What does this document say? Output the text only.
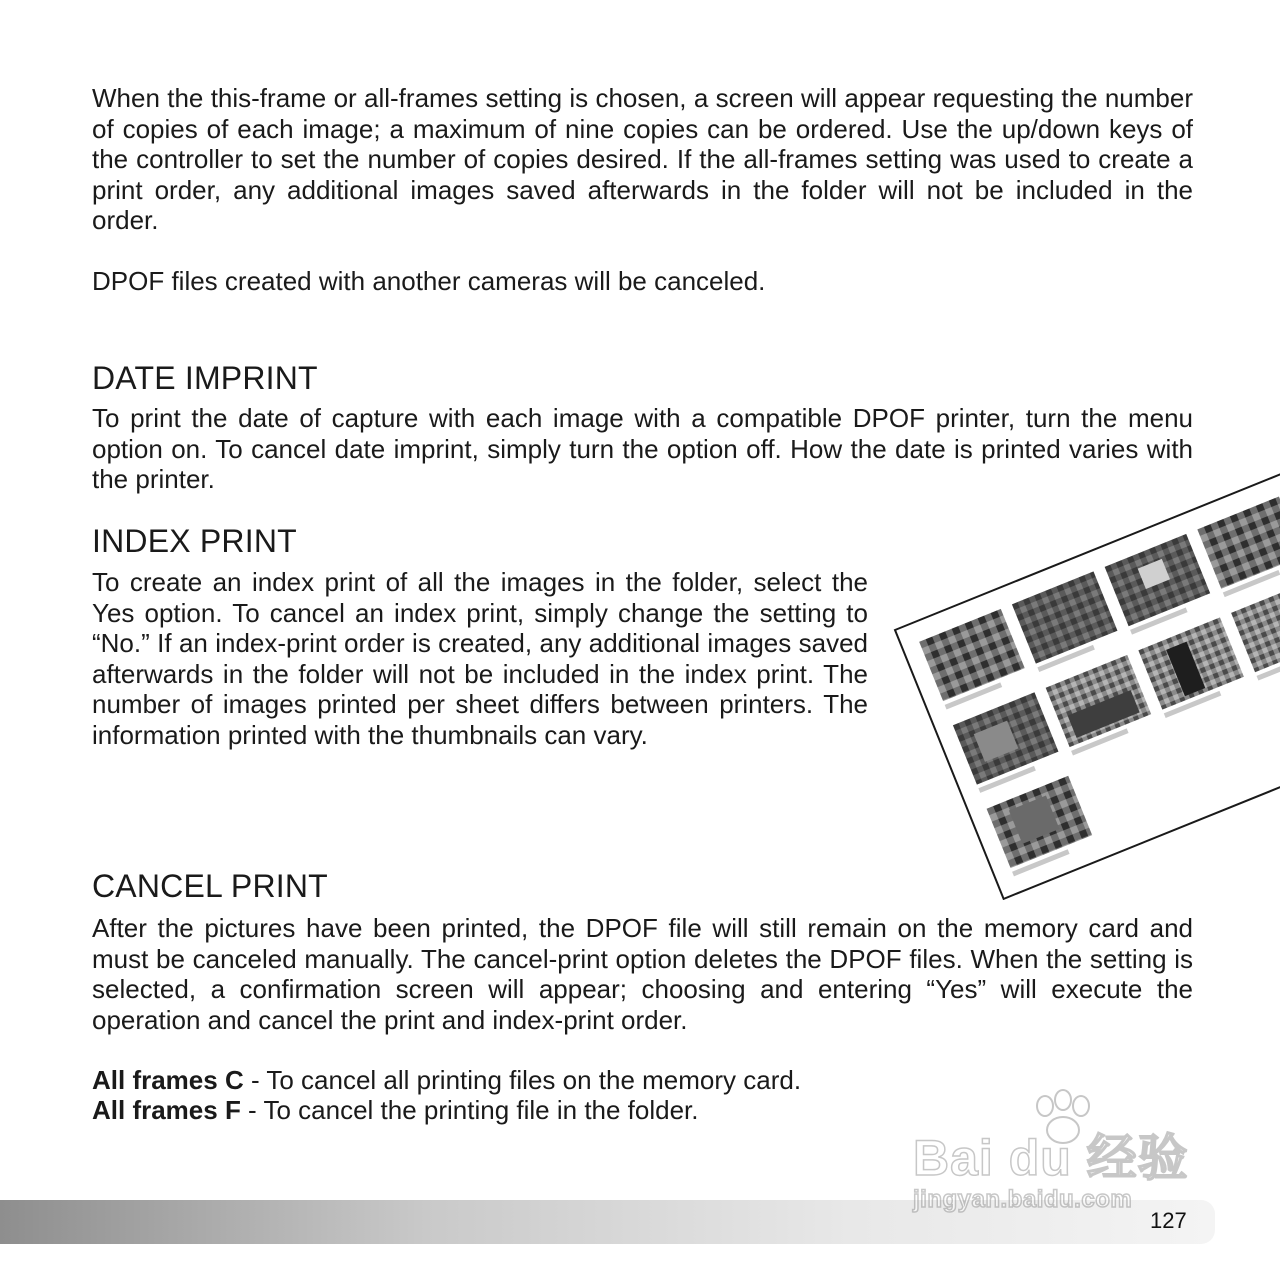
When the this-frame or all-frames setting is chosen, a screen will appear requesting the number of copies of each image; a maximum of nine copies can be ordered. Use the up/down keys of the controller to set the number of copies desired. If the all-frames setting was used to create a print order, any additional images saved afterwards in the folder will not be included in the order.

DPOF files created with another cameras will be canceled.

DATE IMPRINT

To print the date of capture with each image with a compatible DPOF printer, turn the menu option on. To cancel date imprint, simply turn the option off. How the date is printed varies with the printer.

INDEX PRINT

To create an index print of all the images in the folder, select the Yes option. To cancel an index print, simply change the setting to “No.” If an index-print order is created, any additional images saved afterwards in the folder will not be included in the index print. The number of images printed per sheet differs between printers. The information printed with the thumbnails can vary.

CANCEL PRINT

After the pictures have been printed, the DPOF file will still remain on the memory card and must be canceled manually. The cancel-print option deletes the DPOF files. When the setting is selected, a confirmation screen will appear; choosing and entering “Yes” will execute the operation and cancel the print and index-print order.

All frames C - To cancel all printing files on the memory card.

All frames F - To cancel the printing file in the folder.

Bai du 经验
jingyan.baidu.com
127
